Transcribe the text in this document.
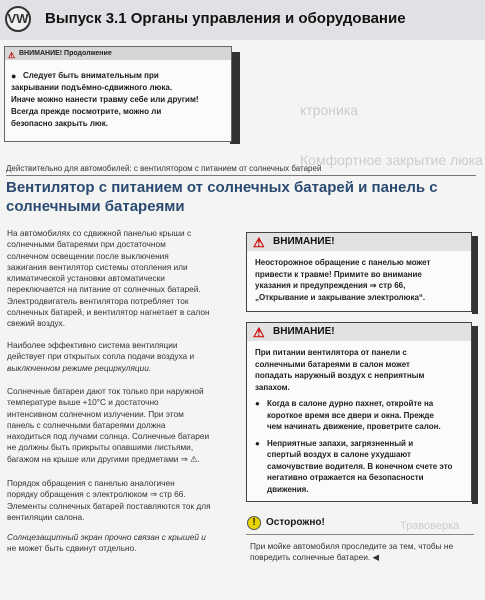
ктроника
Комфортное закрытие люка
Травоверка
VW Выпуск 3.1 Органы управления и оборудование
⚠ ВНИМАНИЕ! Продолжение
● Следует быть внимательным при
закрывании подъёмно-сдвижного люка.
Иначе можно нанести травму себе или другим!
Всегда прежде посмотрите, можно ли
безопасно закрыть люк.
Действительно для автомобилей: с вентилятором с питанием от солнечных батарей
Вентилятор с питанием от солнечных батарей и панель с
солнечными батареями
На автомобилях со сдвижной панелью крыши с
солнечными батареями при достаточном
солнечном освещении после выключения
зажигания вентилятор системы отопления или
климатической установки автоматически
переключается на питание от солнечных батарей.
Электродвигатель вентилятора потребляет ток
солнечных батарей, и вентилятор нагнетает в салон
свежий воздух.
Наиболее эффективно система вентиляции
действует при открытых сопла подачи воздуха и
выключенном режиме рециркуляции.
Солнечные батареи дают ток только при наружной
температуре выше +10°C и достаточно
интенсивном солнечном излучении. При этом
панель с солнечными батареями должна
находиться под лучами солнца. Солнечные батареи
не должны быть прикрыты опавшими листьями,
багажом на крыше или другими предметами ⇒ ⚠.
Порядок обращения с панелью аналогичен
порядку обращения с электролюком ⇒ стр 66.
Элементы солнечных батарей поставляются ток для
вентиляции салона.
Солнцезащитный экран прочно связан с крышей и
не может быть сдвинут отдельно.
⚠ ВНИМАНИЕ!
Неосторожное обращение с панелью может
привести к травме! Примите во внимание
указания и предупреждения ⇒ стр 66,
„Открывание и закрывание электролюка“.
⚠ ВНИМАНИЕ!
При питании вентилятора от панели с
солнечными батареями в салон может
попадать наружный воздух с неприятным
запахом.
● Когда в салоне дурно пахнет, откройте на
короткое время все двери и окна. Прежде
чем начинать движение, проветрите салон.
● Неприятные запахи, загрязненный и
спертый воздух в салоне ухудшают
самочувствие водителя. В конечном счете это
негативно отражается на безопасности
движения.
!	Осторожно!
При мойке автомобиля проследите за тем, чтобы не
повредить солнечные батареи. ◀
